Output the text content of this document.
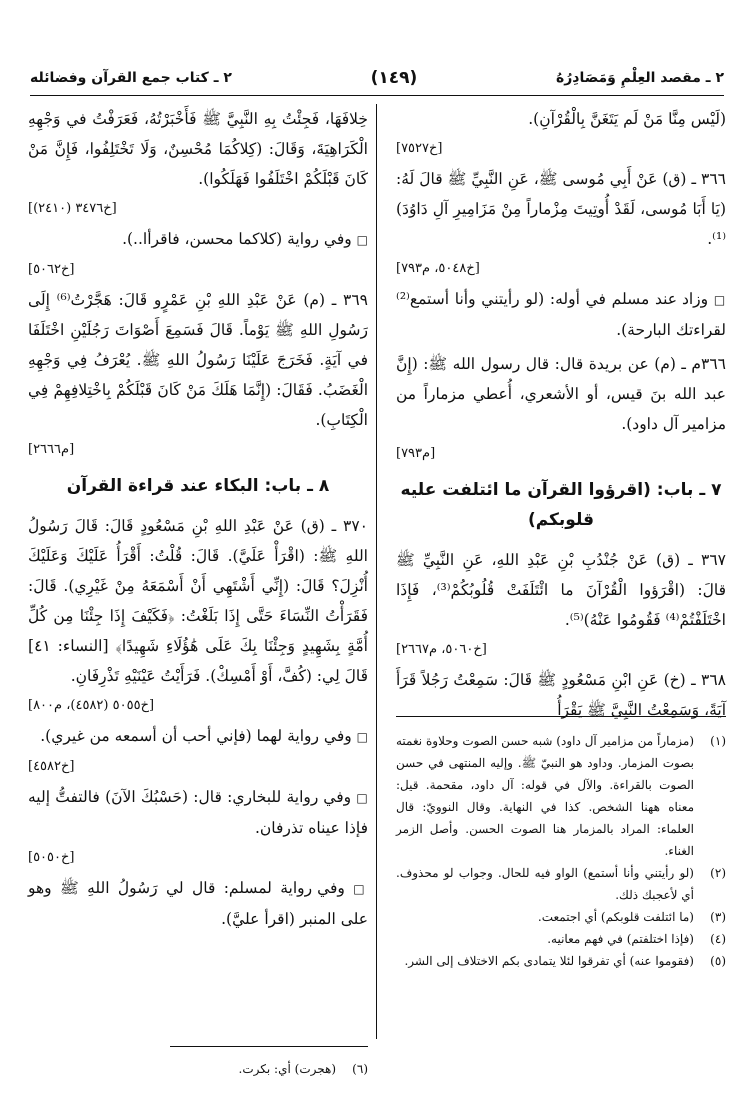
٢ ـ مقصد العِلْمِ وَمَصَادِرُهُ
(١٤٩)
٢ ـ كتاب جمع القرآن وفضائله

(لَيْس مِنَّا مَنْ لَم يَتَغَنَّ بِالْقُرْآنِ).

[خ٧٥٢٧]

٣٦٦ ـ (ق) عَنْ أَبِي مُوسى ﷺ، عَنِ النَّبِيِّ ﷺ قالَ لَهُ: (يَا أَبَا مُوسى، لَقَدْ أُوتِيتَ مِزْماراً مِنْ مَزَامِيرِ آلِ دَاوُدَ)⁽¹⁾.

[خ٥٠٤٨، م٧٩٣]

□ وزاد عند مسلم في أوله: (لو رأيتني وأنا أستمع⁽²⁾ لقراءتك البارحة).

٣٦٦م ـ (م) عن بريدة قال: قال رسول الله ﷺ: (إِنَّ عبد الله بنَ قيس، أو الأشعري، أُعطي مزماراً من مزامير آل داود).

[م٧٩٣]
٧ ـ باب: (اقرؤوا القرآن ما ائتلفت عليه قلوبكم)

٣٦٧ ـ (ق) عَنْ جُنْدُبِ بْنِ عَبْدِ اللهِ، عَنِ النَّبِيِّ ﷺ قالَ: (اقْرَؤوا الْقُرْآنَ ما ائْتَلَفَتْ قُلُوبُكُمْ⁽³⁾، فَإِذَا اخْتَلَفْتُمْ⁽⁴⁾ فَقُومُوا عَنْهُ)⁽⁵⁾.

[خ٥٠٦٠، م٢٦٦٧]

٣٦٨ ـ (خ) عَنِ ابْنِ مَسْعُودٍ ﷺ قَالَ: سَمِعْتُ رَجُلاً قَرَأَ آيَةً، وَسَمِعْتُ النَّبِيَّ ﷺ يَقْرَأُ

(١)
(مزماراً من مزامير آل داود) شبه حسن الصوت وحلاوة نغمته بصوت المزمار. وداود هو النبيّ ﷺ. وإليه المنتهى في حسن الصوت بالقراءة. والآل في قوله: آل داود، مقحمة. قيل: معناه ههنا الشخص. كذا في النهاية. وقال النوويّ: قال العلماء: المراد بالمزمار هنا الصوت الحسن. وأصل الزمر الغناء.
(٢)
(لو رأيتني وأنا أستمع) الواو فيه للحال. وجواب لو محذوف. أي لأعجبك ذلك.
(٣)
(ما ائتلفت قلوبكم) أي اجتمعت.
(٤)
(فإذا اختلفتم) في فهم معانيه.
(٥)
(فقوموا عنه) أي تفرقوا لئلا يتمادى بكم الاختلاف إلى الشر.

خِلافَهَا، فَجِئْتُ بِهِ النَّبِيَّ ﷺ فَأَخْبَرْتُهُ، فَعَرَفْتُ في وَجْهِهِ الْكَرَاهِيَةَ، وَقَالَ: (كِلاكُمَا مُحْسِنٌ، وَلَا تَخْتَلِفُوا، فَإِنَّ مَنْ كَانَ قَبْلَكُمْ اخْتَلَفُوا فَهَلَكُوا).

[خ٣٤٧٦ (٢٤١٠)]

□ وفي رواية (كلاكما محسن، فاقرأا..).

[خ٥٠٦٢]

٣٦٩ ـ (م) عَنْ عَبْدِ اللهِ بْنِ عَمْرٍو قَالَ: هَجَّرْتُ⁽⁶⁾ إِلَى رَسُولِ اللهِ ﷺ يَوْماً. قَالَ فَسَمِعَ أَصْوَاتَ رَجُلَيْنِ اخْتَلَفَا في آيَةٍ. فَخَرَجَ عَلَيْنَا رَسُولُ اللهِ ﷺ. يُعْرَفُ فِي وَجْهِهِ الْغَضَبُ. فَقَالَ: (إِنَّمَا هَلَكَ مَنْ كَانَ قَبْلَكُمْ بِاخْتِلافِهِمْ فِي الْكِتَابِ).

[م٢٦٦٦]
٨ ـ باب: البكاء عند قراءة القرآن

٣٧٠ ـ (ق) عَنْ عَبْدِ اللهِ بْنِ مَسْعُودٍ قَالَ: قَالَ رَسُولُ اللهِ ﷺ: (اقْرَأْ عَلَيَّ). قَالَ: قُلْتُ: أَقْرَأُ عَلَيْكَ وَعَلَيْكَ أُنْزِلَ؟ قَالَ: (إِنِّي أَشْتَهِي أَنْ أَسْمَعَهُ مِنْ غَيْرِي). قَالَ: فَقَرَأْتُ النِّسَاءَ حَتَّى إِذَا بَلَغْتُ: ﴿فَكَيْفَ إِذَا جِئْنَا مِن كُلِّ أُمَّةٍ بِشَهِيدٍ وَجِئْنَا بِكَ عَلَى هَٰؤُلَاءِ شَهِيدًا﴾ [النساء: ٤١] قَالَ لِي: (كُفَّ، أَوْ أَمْسِكْ). فَرَأَيْتُ عَيْنَيْهِ تَذْرِفَانِ.

[خ٥٠٥٥ (٤٥٨٢)، م٨٠٠]

□ وفي رواية لهما (فإني أحب أن أسمعه من غيري).

[خ٤٥٨٢]

□ وفي رواية للبخاري: قال: (حَسْبُكَ الآنَ) فالتفتُّ إليه فإذا عيناه تذرفان.

[خ٥٠٥٠]

□ وفي رواية لمسلم: قال لي رَسُولُ اللهِ ﷺ وهو على المنبر (اقرأ عليَّ).

(٦)
(هجرت) أي: بكرت.
